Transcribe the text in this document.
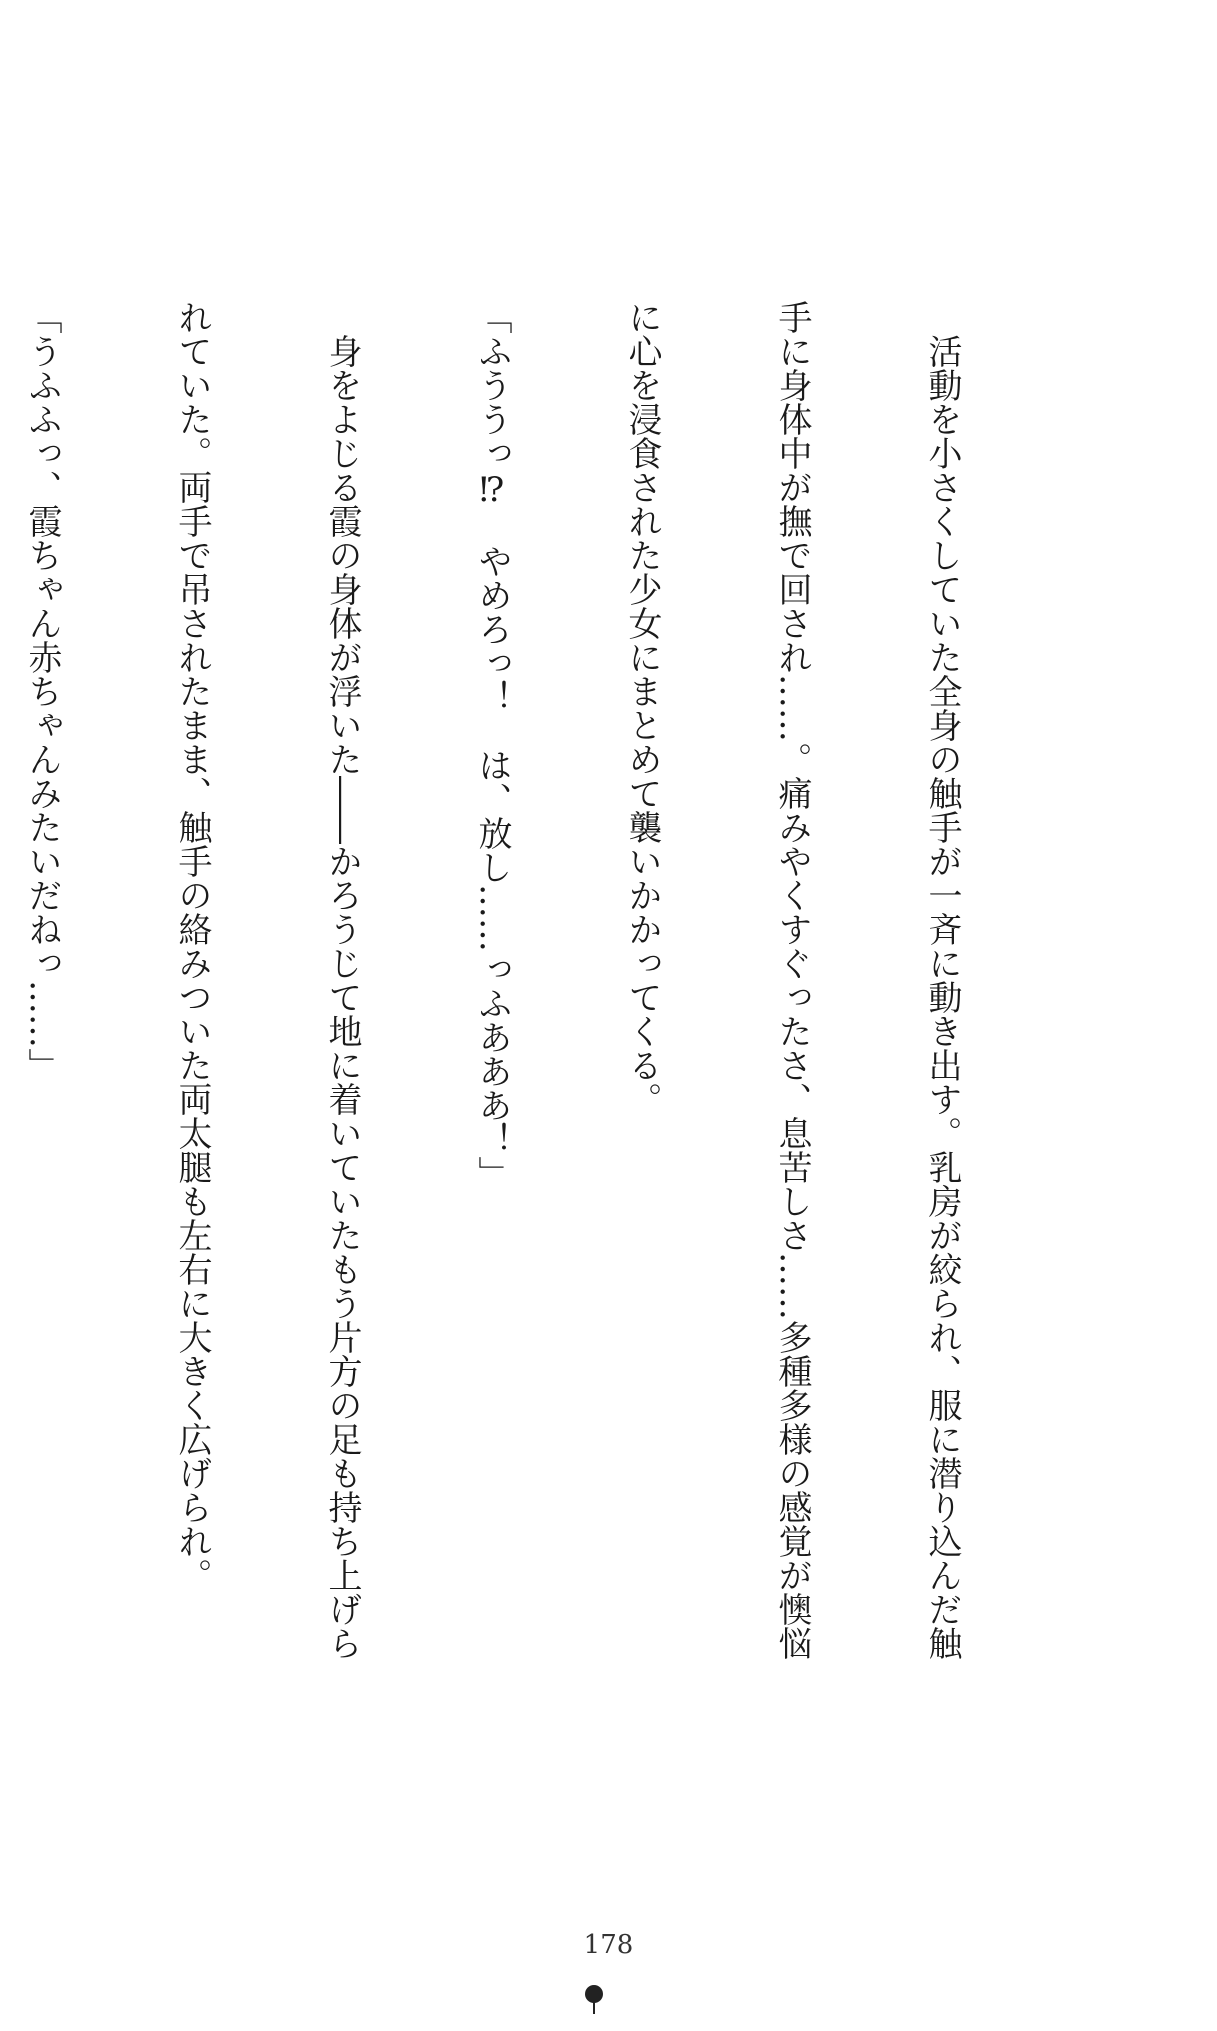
　活動を小さくしていた全身の触手が一斉に動き出す。乳房が絞られ、服に潜り込んだ触

手に身体中が撫で回され……。痛みやくすぐったさ、息苦しさ……多種多様の感覚が懊悩

に心を浸食された少女にまとめて襲いかかってくる。

「ふううっ⁉　やめろっ！　は、放し……っふあああ！」

　身をよじる霞の身体が浮いた――かろうじて地に着いていたもう片方の足も持ち上げら

れていた。両手で吊されたまま、触手の絡みついた両太腿も左右に大きく広げられ。

「うふふっ、霞ちゃん赤ちゃんみたいだねっ……」

178
